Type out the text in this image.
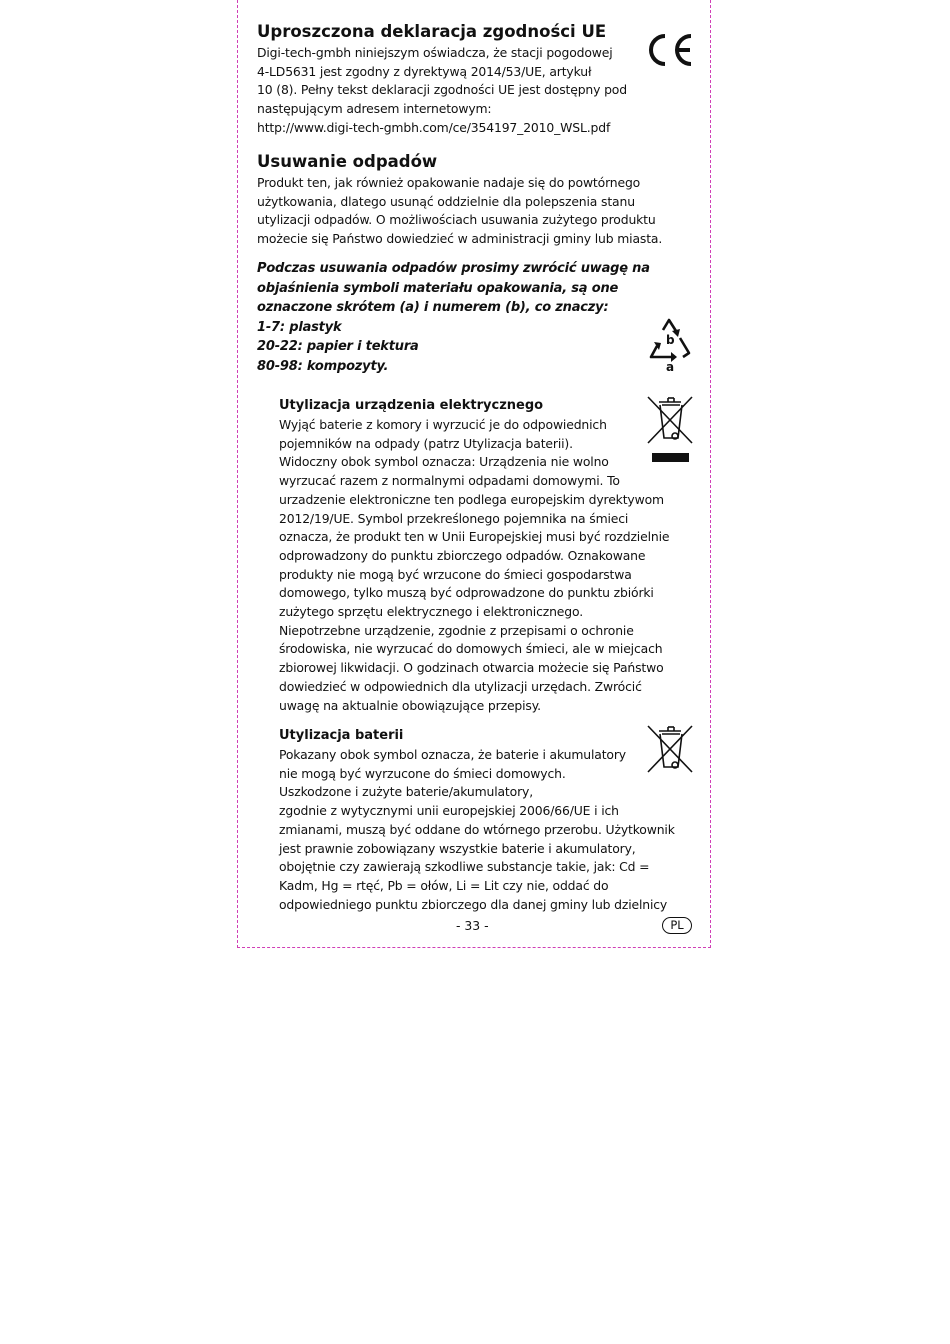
Uproszczona deklaracja zgodności UE
Digi-tech-gmbh niniejszym oświadcza, że stacji pogodowej
4-LD5631 jest zgodny z dyrektywą 2014/53/UE, artykuł
10 (8). Pełny tekst deklaracji zgodności UE jest dostępny pod
następującym adresem internetowym:
http://www.digi-tech-gmbh.com/ce/354197_2010_WSL.pdf
Usuwanie odpadów
Produkt ten, jak również opakowanie nadaje się do powtórnego
użytkowania, dlatego usunąć oddzielnie dla polepszenia stanu
utylizacji odpadów. O możliwościach usuwania zużytego produktu
możecie się Państwo dowiedzieć w administracji gminy lub miasta.
Podczas usuwania odpadów prosimy zwrócić uwagę na
objaśnienia symboli materiału opakowania, są one
oznaczone skrótem (a) i numerem (b), co znaczy:
1-7: plastyk
20-22: papier i tektura
80-98: kompozyty.
b
a
Utylizacja urządzenia elektrycznego
Wyjąć baterie z komory i wyrzucić je do odpowiednich
pojemników na odpady (patrz Utylizacja baterii).
Widoczny obok symbol oznacza: Urządzenia nie wolno
wyrzucać razem z normalnymi odpadami domowymi. To
urzadzenie elektroniczne ten podlega europejskim dyrektywom
2012/19/UE. Symbol przekreślonego pojemnika na śmieci
oznacza, że produkt ten w Unii Europejskiej musi być rozdzielnie
odprowadzony do punktu zbiorczego odpadów. Oznakowane
produkty nie mogą być wrzucone do śmieci gospodarstwa
domowego, tylko muszą być odprowadzone do punktu zbiórki
zużytego sprzętu elektrycznego i elektronicznego.
Niepotrzebne urządzenie, zgodnie z przepisami o ochronie
środowiska, nie wyrzucać do domowych śmieci, ale w miejcach
zbiorowej likwidacji. O godzinach otwarcia możecie się Państwo
dowiedzieć w odpowiednich dla utylizacji urzędach. Zwrócić
uwagę na aktualnie obowiązujące przepisy.
Utylizacja baterii
Pokazany obok symbol oznacza, że baterie i akumulatory
nie mogą być wyrzucone do śmieci domowych.
Uszkodzone i zużyte baterie/akumulatory,
zgodnie z wytycznymi unii europejskiej 2006/66/UE i ich
zmianami, muszą być oddane do wtórnego przerobu. Użytkownik
jest prawnie zobowiązany wszystkie baterie i akumulatory,
obojętnie czy zawierają szkodliwe substancje takie, jak: Cd =
Kadm, Hg = rtęć, Pb = ołów, Li = Lit czy nie, oddać do
odpowiedniego punktu zbiorczego dla danej gminy lub dzielnicy
- 33 -	PL
